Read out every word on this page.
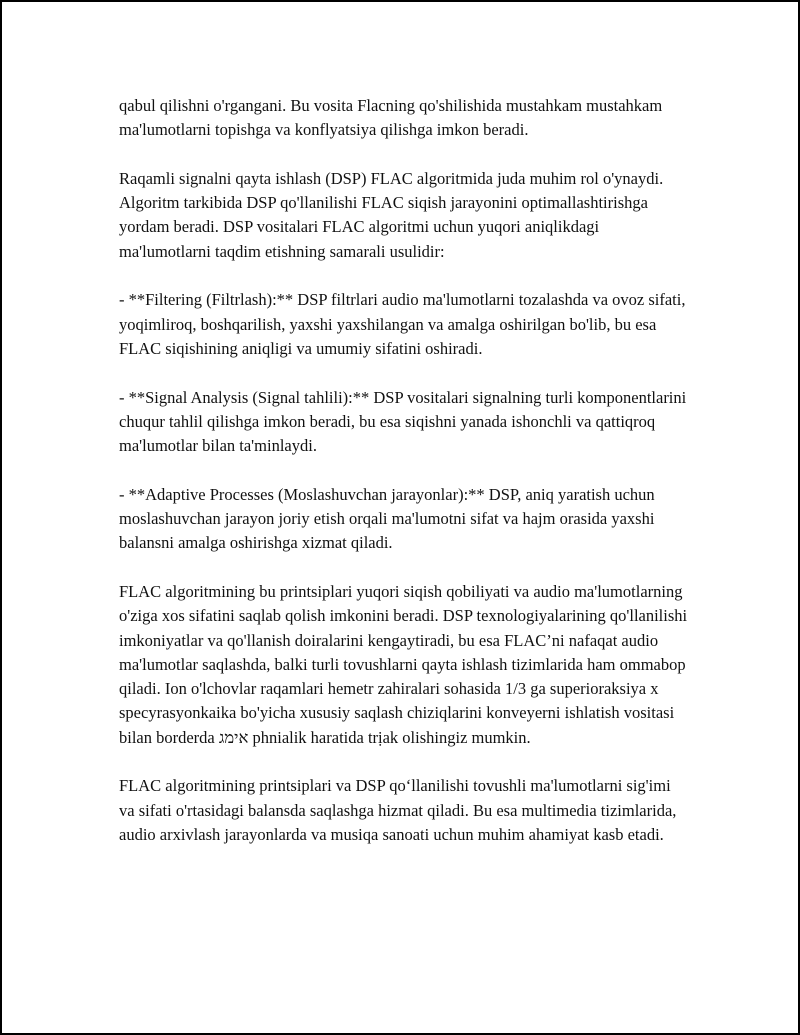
qabul qilishni o'rgangani. Bu vosita Flacning qo'shilishida mustahkam mustahkam ma'lumotlarni topishga va konflyatsiya qilishga imkon beradi.

Raqamli signalni qayta ishlash (DSP) FLAC algoritmida juda muhim rol o'ynaydi. Algoritm tarkibida DSP qo'llanilishi FLAC siqish jarayonini optimallashtirishga yordam beradi. DSP vositalari FLAC algoritmi uchun yuqori aniqlikdagi ma'lumotlarni taqdim etishning samarali usulidir:

- **Filtering (Filtrlash):** DSP filtrlari audio ma'lumotlarni tozalashda va ovoz sifati, yoqimliroq, boshqarilish, yaxshi yaxshilangan va amalga oshirilgan bo'lib, bu esa FLAC siqishining aniqligi va umumiy sifatini oshiradi.

- **Signal Analysis (Signal tahlili):** DSP vositalari signalning turli komponentlarini chuqur tahlil qilishga imkon beradi, bu esa siqishni yanada ishonchli va qattiqroq ma'lumotlar bilan ta'minlaydi.

- **Adaptive Processes (Moslashuvchan jarayonlar):** DSP, aniq yaratish uchun moslashuvchan jarayon joriy etish orqali ma'lumotni sifat va hajm orasida yaxshi balansni amalga oshirishga xizmat qiladi.

FLAC algoritmining bu printsiplari yuqori siqish qobiliyati va audio ma'lumotlarning o'ziga xos sifatini saqlab qolish imkonini beradi. DSP texnologiyalarining qo'llanilishi imkoniyatlar va qo'llanish doiralarini kengaytiradi, bu esa FLAC’ni nafaqat audio ma'lumotlar saqlashda, balki turli tovushlarni qayta ishlash tizimlarida ham ommabop qiladi. Ion o'lchovlar raqamlari hemetr zahiralari sohasida 1/3 ga superioraksiya x specyrasyonkaika bo'yicha xususiy saqlash chiziqlarini konveyerni ishlatish vositasi bilan borderda אימג phnialik haratida trịak olishingiz mumkin.

FLAC algoritmining printsiplari va DSP qo‘llanilishi tovushli ma'lumotlarni sig'imi va sifati o'rtasidagi balansda saqlashga hizmat qiladi. Bu esa multimedia tizimlarida, audio arxivlash jarayonlarda va musiqa sanoati uchun muhim ahamiyat kasb etadi.
